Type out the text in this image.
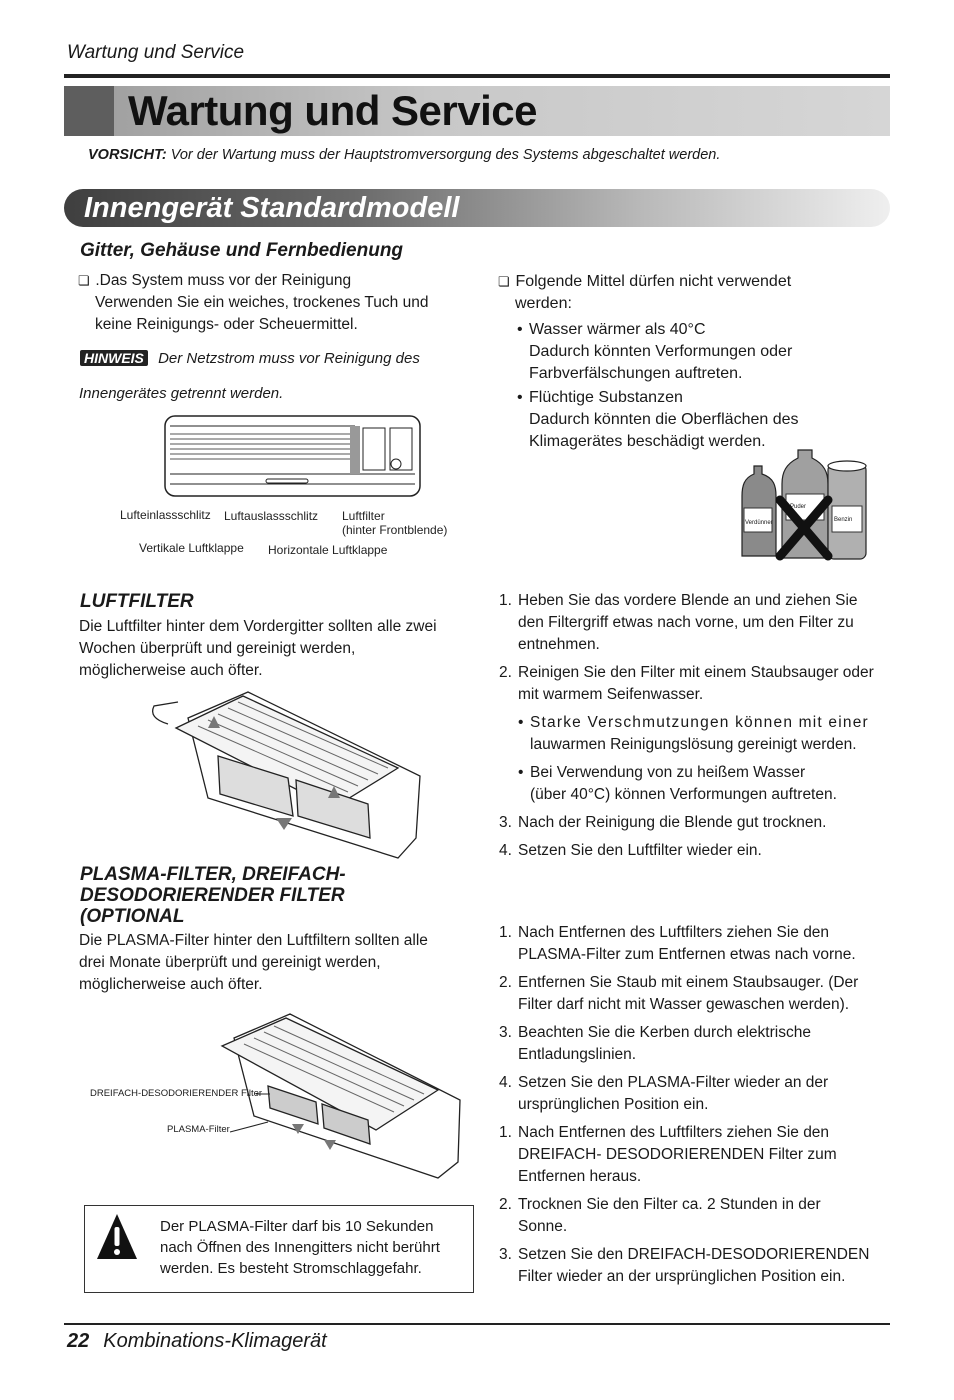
Wartung und Service
Wartung und Service
VORSICHT: Vor der Wartung muss der Hauptstromversorgung des Systems abgeschaltet werden.
Innengerät Standardmodell
Gitter, Gehäuse und Fernbedienung
❏ .Das System muss vor der Reinigung
Verwenden Sie ein weiches, trockenes Tuch und
keine Reinigungs- oder Scheuermittel.
HINWEIS Der Netzstrom muss vor Reinigung des
Innengerätes getrennt werden.
Lufteinlassschlitz Luftauslassschlitz Luftfilter
(hinter Frontblende)
Vertikale Luftklappe Horizontale Luftklappe
❏ Folgende Mittel dürfen nicht verwendet
werden:
• Wasser wärmer als 40°C
Dadurch könnten Verformungen oder
Farbverfälschungen auftreten.
• Flüchtige Substanzen
Dadurch könnten die Oberflächen des
Klimagerätes beschädigt werden.
Verdünner
Puder
Benzin
LUFTFILTER
Die Luftfilter hinter dem Vordergitter sollten alle zwei
Wochen überprüft und gereinigt werden,
möglicherweise auch öfter.
1. Heben Sie das vordere Blende an und ziehen Sie
den Filtergriff etwas nach vorne, um den Filter zu
entnehmen.
2. Reinigen Sie den Filter mit einem Staubsauger oder
mit warmem Seifenwasser.
• Starke Verschmutzungen können mit einer
lauwarmen Reinigungslösung gereinigt werden.
• Bei Verwendung von zu heißem Wasser
(über 40°C) können Verformungen auftreten.
3. Nach der Reinigung die Blende gut trocknen.
4. Setzen Sie den Luftfilter wieder ein.
PLASMA-FILTER, DREIFACH-
DESODORIERENDER FILTER
(OPTIONAL
Die PLASMA-Filter hinter den Luftfiltern sollten alle
drei Monate überprüft und gereinigt werden,
möglicherweise auch öfter.
DREIFACH-DESODORIERENDER Filter
PLASMA-Filter
1. Nach Entfernen des Luftfilters ziehen Sie den
PLASMA-Filter zum Entfernen etwas nach vorne.
2. Entfernen Sie Staub mit einem Staubsauger. (Der
Filter darf nicht mit Wasser gewaschen werden).
3. Beachten Sie die Kerben durch elektrische
Entladungslinien.
4. Setzen Sie den PLASMA-Filter wieder an der
ursprünglichen Position ein.
1. Nach Entfernen des Luftfilters ziehen Sie den
DREIFACH- DESODORIERENDEN Filter zum
Entfernen heraus.
2. Trocknen Sie den Filter ca. 2 Stunden in der
Sonne.
3. Setzen Sie den DREIFACH-DESODORIERENDEN
Filter wieder an der ursprünglichen Position ein.
Der PLASMA-Filter darf bis 10 Sekunden
nach Öffnen des Innengitters nicht berührt
werden. Es besteht Stromschlaggefahr.
22 Kombinations-Klimagerät
